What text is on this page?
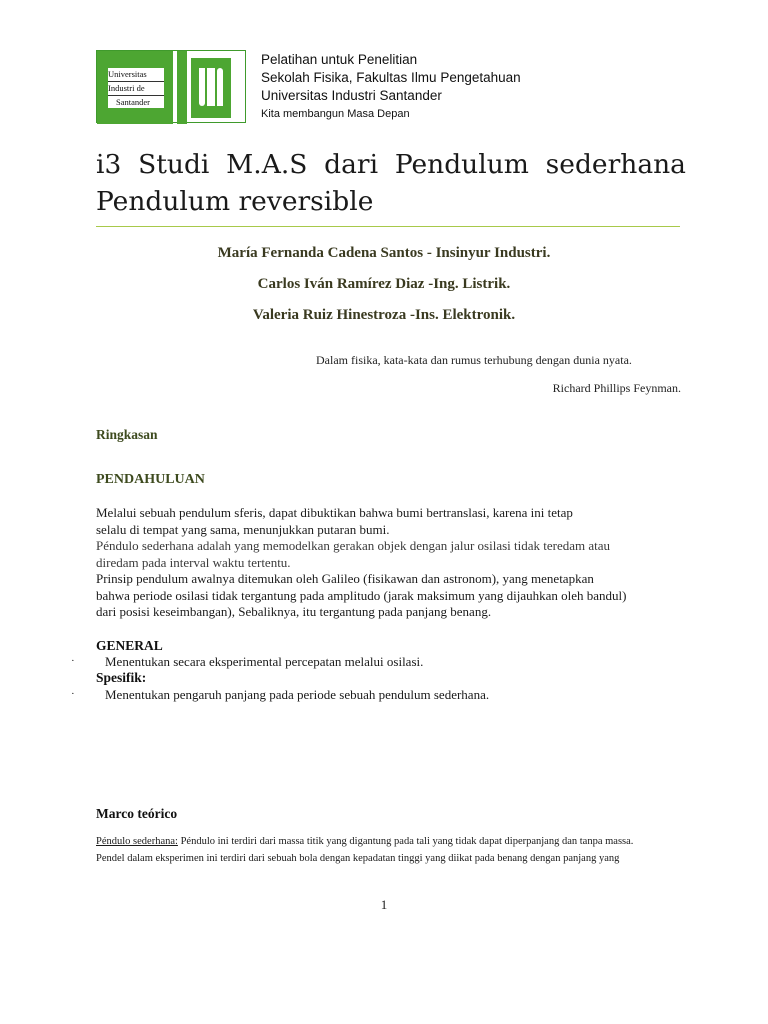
Universitas
Industri de
Santander
Pelatihan untuk Penelitian
Sekolah Fisika, Fakultas Ilmu Pengetahuan
Universitas Industri Santander
Kita membangun Masa Depan
i3 Studi M.A.S dari Pendulum sederhana
Pendulum reversible
María Fernanda Cadena Santos - Insinyur Industri.
Carlos Iván Ramírez Diaz -Ing. Listrik.
Valeria Ruiz Hinestroza -Ins. Elektronik.
Dalam fisika, kata-kata dan rumus terhubung dengan dunia nyata.
Richard Phillips Feynman.
Ringkasan
PENDAHULUAN
Melalui sebuah pendulum sferis, dapat dibuktikan bahwa bumi bertranslasi, karena ini tetap
selalu di tempat yang sama, menunjukkan putaran bumi.
Péndulo sederhana adalah yang memodelkan gerakan objek dengan jalur osilasi tidak teredam atau
diredam pada interval waktu tertentu.
Prinsip pendulum awalnya ditemukan oleh Galileo (fisikawan dan astronom), yang menetapkan
bahwa periode osilasi tidak tergantung pada amplitudo (jarak maksimum yang dijauhkan oleh bandul)
dari posisi keseimbangan), Sebaliknya, itu tergantung pada panjang benang.
GENERAL
· Menentukan secara eksperimental percepatan melalui osilasi.
Spesifik:
· Menentukan pengaruh panjang pada periode sebuah pendulum sederhana.
Marco teórico
Péndulo sederhana: Péndulo ini terdiri dari massa titik yang digantung pada tali yang tidak dapat diperpanjang dan tanpa massa.
Pendel dalam eksperimen ini terdiri dari sebuah bola dengan kepadatan tinggi yang diikat pada benang dengan panjang yang
1
